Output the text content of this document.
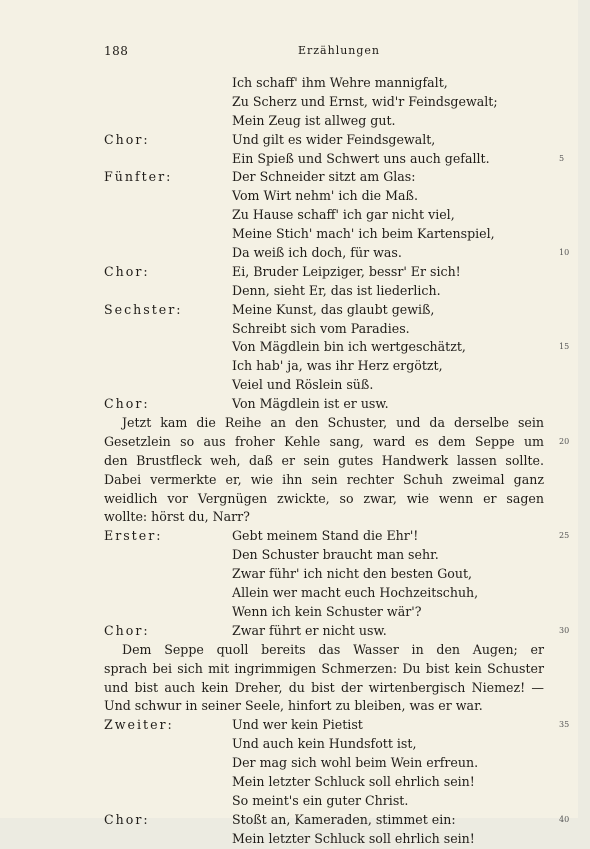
188	Erzählungen
Ich schaff' ihm Wehre mannigfalt,
Zu Scherz und Ernst, wid'r Feindsgewalt;
Mein Zeug ist allweg gut.
Chor:	Und gilt es wider Feindsgewalt,
Ein Spieß und Schwert uns auch gefallt.	5
Fünfter:	Der Schneider sitzt am Glas:
Vom Wirt nehm' ich die Maß.
Zu Hause schaff' ich gar nicht viel,
Meine Stich' mach' ich beim Kartenspiel,
Da weiß ich doch, für was.	10
Chor:	Ei, Bruder Leipziger, bessr' Er sich!
Denn, sieht Er, das ist liederlich.
Sechster:	Meine Kunst, das glaubt gewiß,
Schreibt sich vom Paradies.
Von Mägdlein bin ich wertgeschätzt,	15
Ich hab' ja, was ihr Herz ergötzt,
Veiel und Röslein süß.
Chor:	Von Mägdlein ist er usw.
Jetzt kam die Reihe an den Schuster, und da derselbe sein
Gesetzlein so aus froher Kehle sang, ward es dem Seppe um 20
den Brustfleck weh, daß er sein gutes Handwerk lassen sollte.
Dabei vermerkte er, wie ihn sein rechter Schuh zweimal ganz
weidlich vor Vergnügen zwickte, so zwar, wie wenn er sagen
wollte: hörst du, Narr?
Erster:	Gebt meinem Stand die Ehr'!	25
Den Schuster braucht man sehr.
Zwar führ' ich nicht den besten Gout,
Allein wer macht euch Hochzeitschuh,
Wenn ich kein Schuster wär'?
Chor:	Zwar führt er nicht usw.	30
Dem Seppe quoll bereits das Wasser in den Augen; er
sprach bei sich mit ingrimmigen Schmerzen: Du bist kein Schuster
und bist auch kein Dreher, du bist der wirtenbergisch Niemez! —
Und schwur in seiner Seele, hinfort zu bleiben, was er war.
Zweiter:	Und wer kein Pietist	35
Und auch kein Hundsfott ist,
Der mag sich wohl beim Wein erfreun.
Mein letzter Schluck soll ehrlich sein!
So meint's ein guter Christ.
Chor:	Stoßt an, Kameraden, stimmet ein:	40
Mein letzter Schluck soll ehrlich sein!
